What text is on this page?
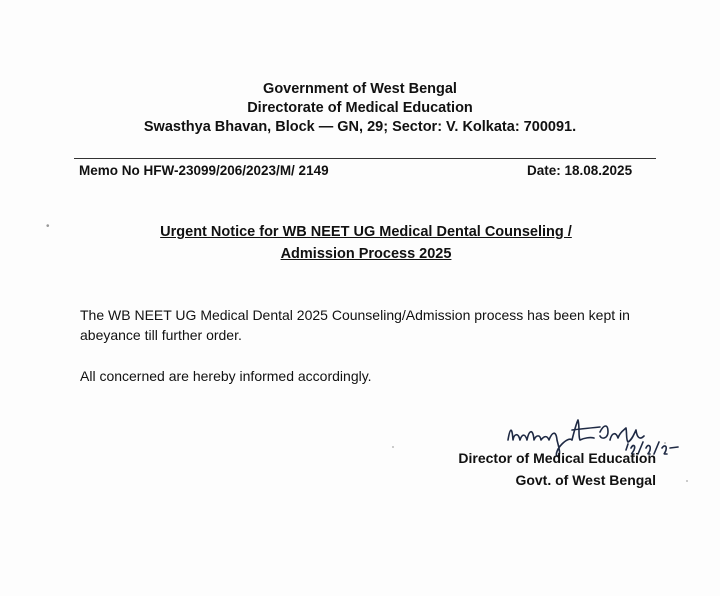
Government of West Bengal
Directorate of Medical Education
Swasthya Bhavan, Block — GN, 29; Sector: V. Kolkata: 700091.
Memo No HFW-23099/206/2023/M/ 2149	Date: 18.08.2025
•	Urgent Notice for WB NEET UG Medical Dental Counseling /
Admission Process 2025
The WB NEET UG Medical Dental 2025 Counseling/Admission process has been kept in abeyance till further order.
All concerned are hereby informed accordingly.
Director of Medical Education
Govt. of West Bengal
